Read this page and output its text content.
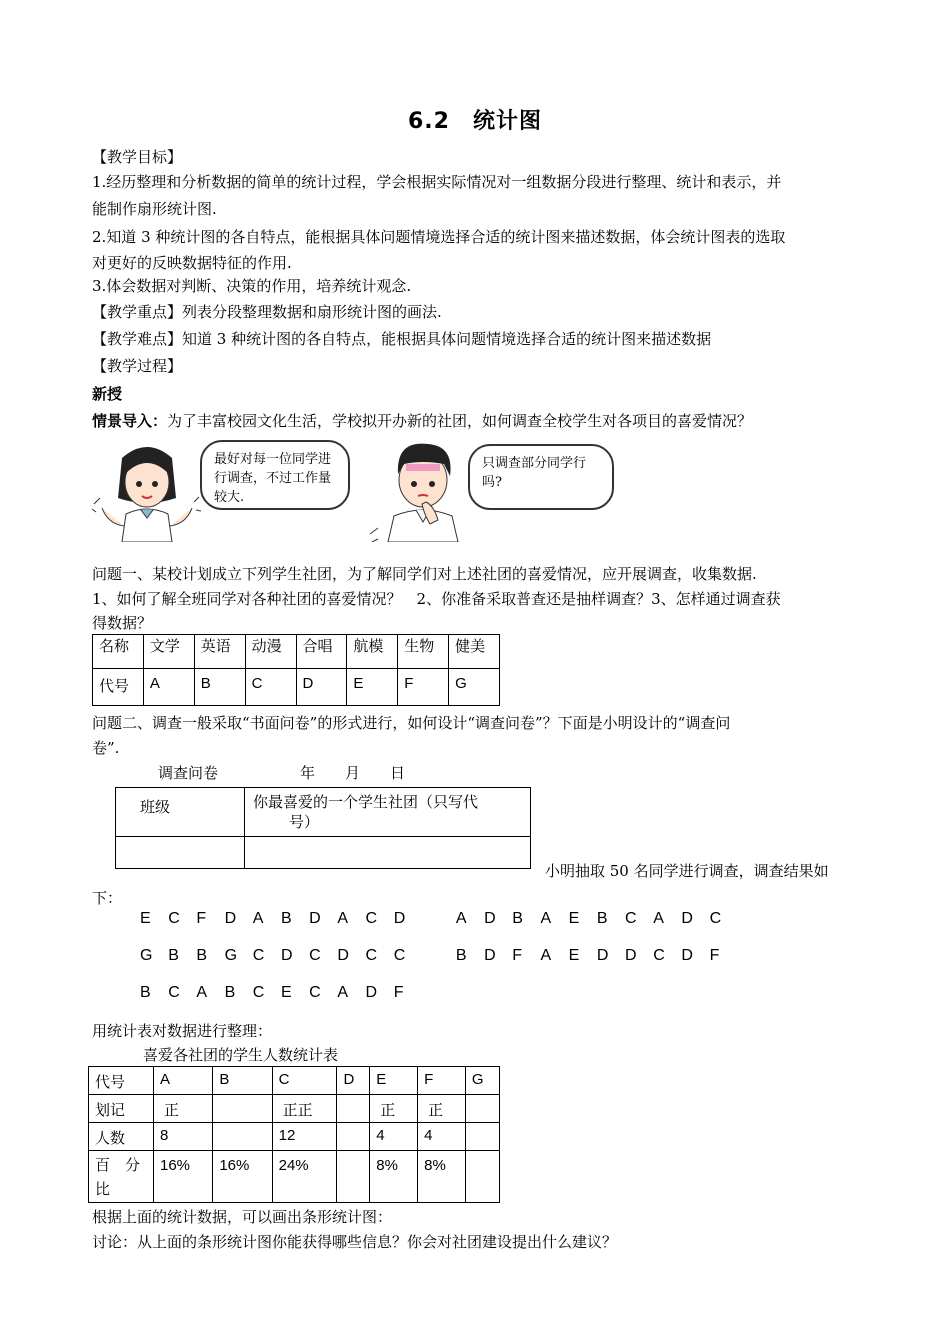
6.2　统计图
【教学目标】
1.经历整理和分析数据的简单的统计过程，学会根据实际情况对一组数据分段进行整理、统计和表示，并
能制作扇形统计图.
2.知道 3 种统计图的各自特点，能根据具体问题情境选择合适的统计图来描述数据，体会统计图表的选取
对更好的反映数据特征的作用.
3.体会数据对判断、决策的作用，培养统计观念.
【教学重点】列表分段整理数据和扇形统计图的画法.
【教学难点】知道 3 种统计图的各自特点，能根据具体问题情境选择合适的统计图来描述数据
【教学过程】
新授
情景导入：为了丰富校园文化生活，学校拟开办新的社团，如何调查全校学生对各项目的喜爱情况？
最好对每一位同学进行调查，不过工作量较大.
只调查部分同学行吗?
问题一、某校计划成立下列学生社团，为了解同学们对上述社团的喜爱情况，应开展调查，收集数据.
1、如何了解全班同学对各种社团的喜爱情况？　2、你准备采取普查还是抽样调查？3、怎样通过调查获
得数据？
名称	文学	英语	动漫	合唱	航模	生物	健美
代号	A	B	C	D	E	F	G
问题二、调查一般采取“书面问卷”的形式进行，如何设计“调查问卷”？下面是小明设计的“调查问
卷”.
调查问卷	年　　月　　日
班级	你最喜爱的一个学生社团（只写代
号）

小明抽取 50 名同学进行调查，调查结果如
下：
E C F D A B D A C D	A D B A E B C A D C
G B B G C D C D C C	B D F A E D D C D F
B C A B C E C A D F
用统计表对数据进行整理：
喜爱各社团的学生人数统计表
代号	A	B	C	D	E	F	G
划记	正		正正		正	正	
人数	8		12		4	4	

百　分
比	16%	16%	24%		8%	8%	
根据上面的统计数据，可以画出条形统计图：
讨论：从上面的条形统计图你能获得哪些信息？你会对社团建设提出什么建议？
